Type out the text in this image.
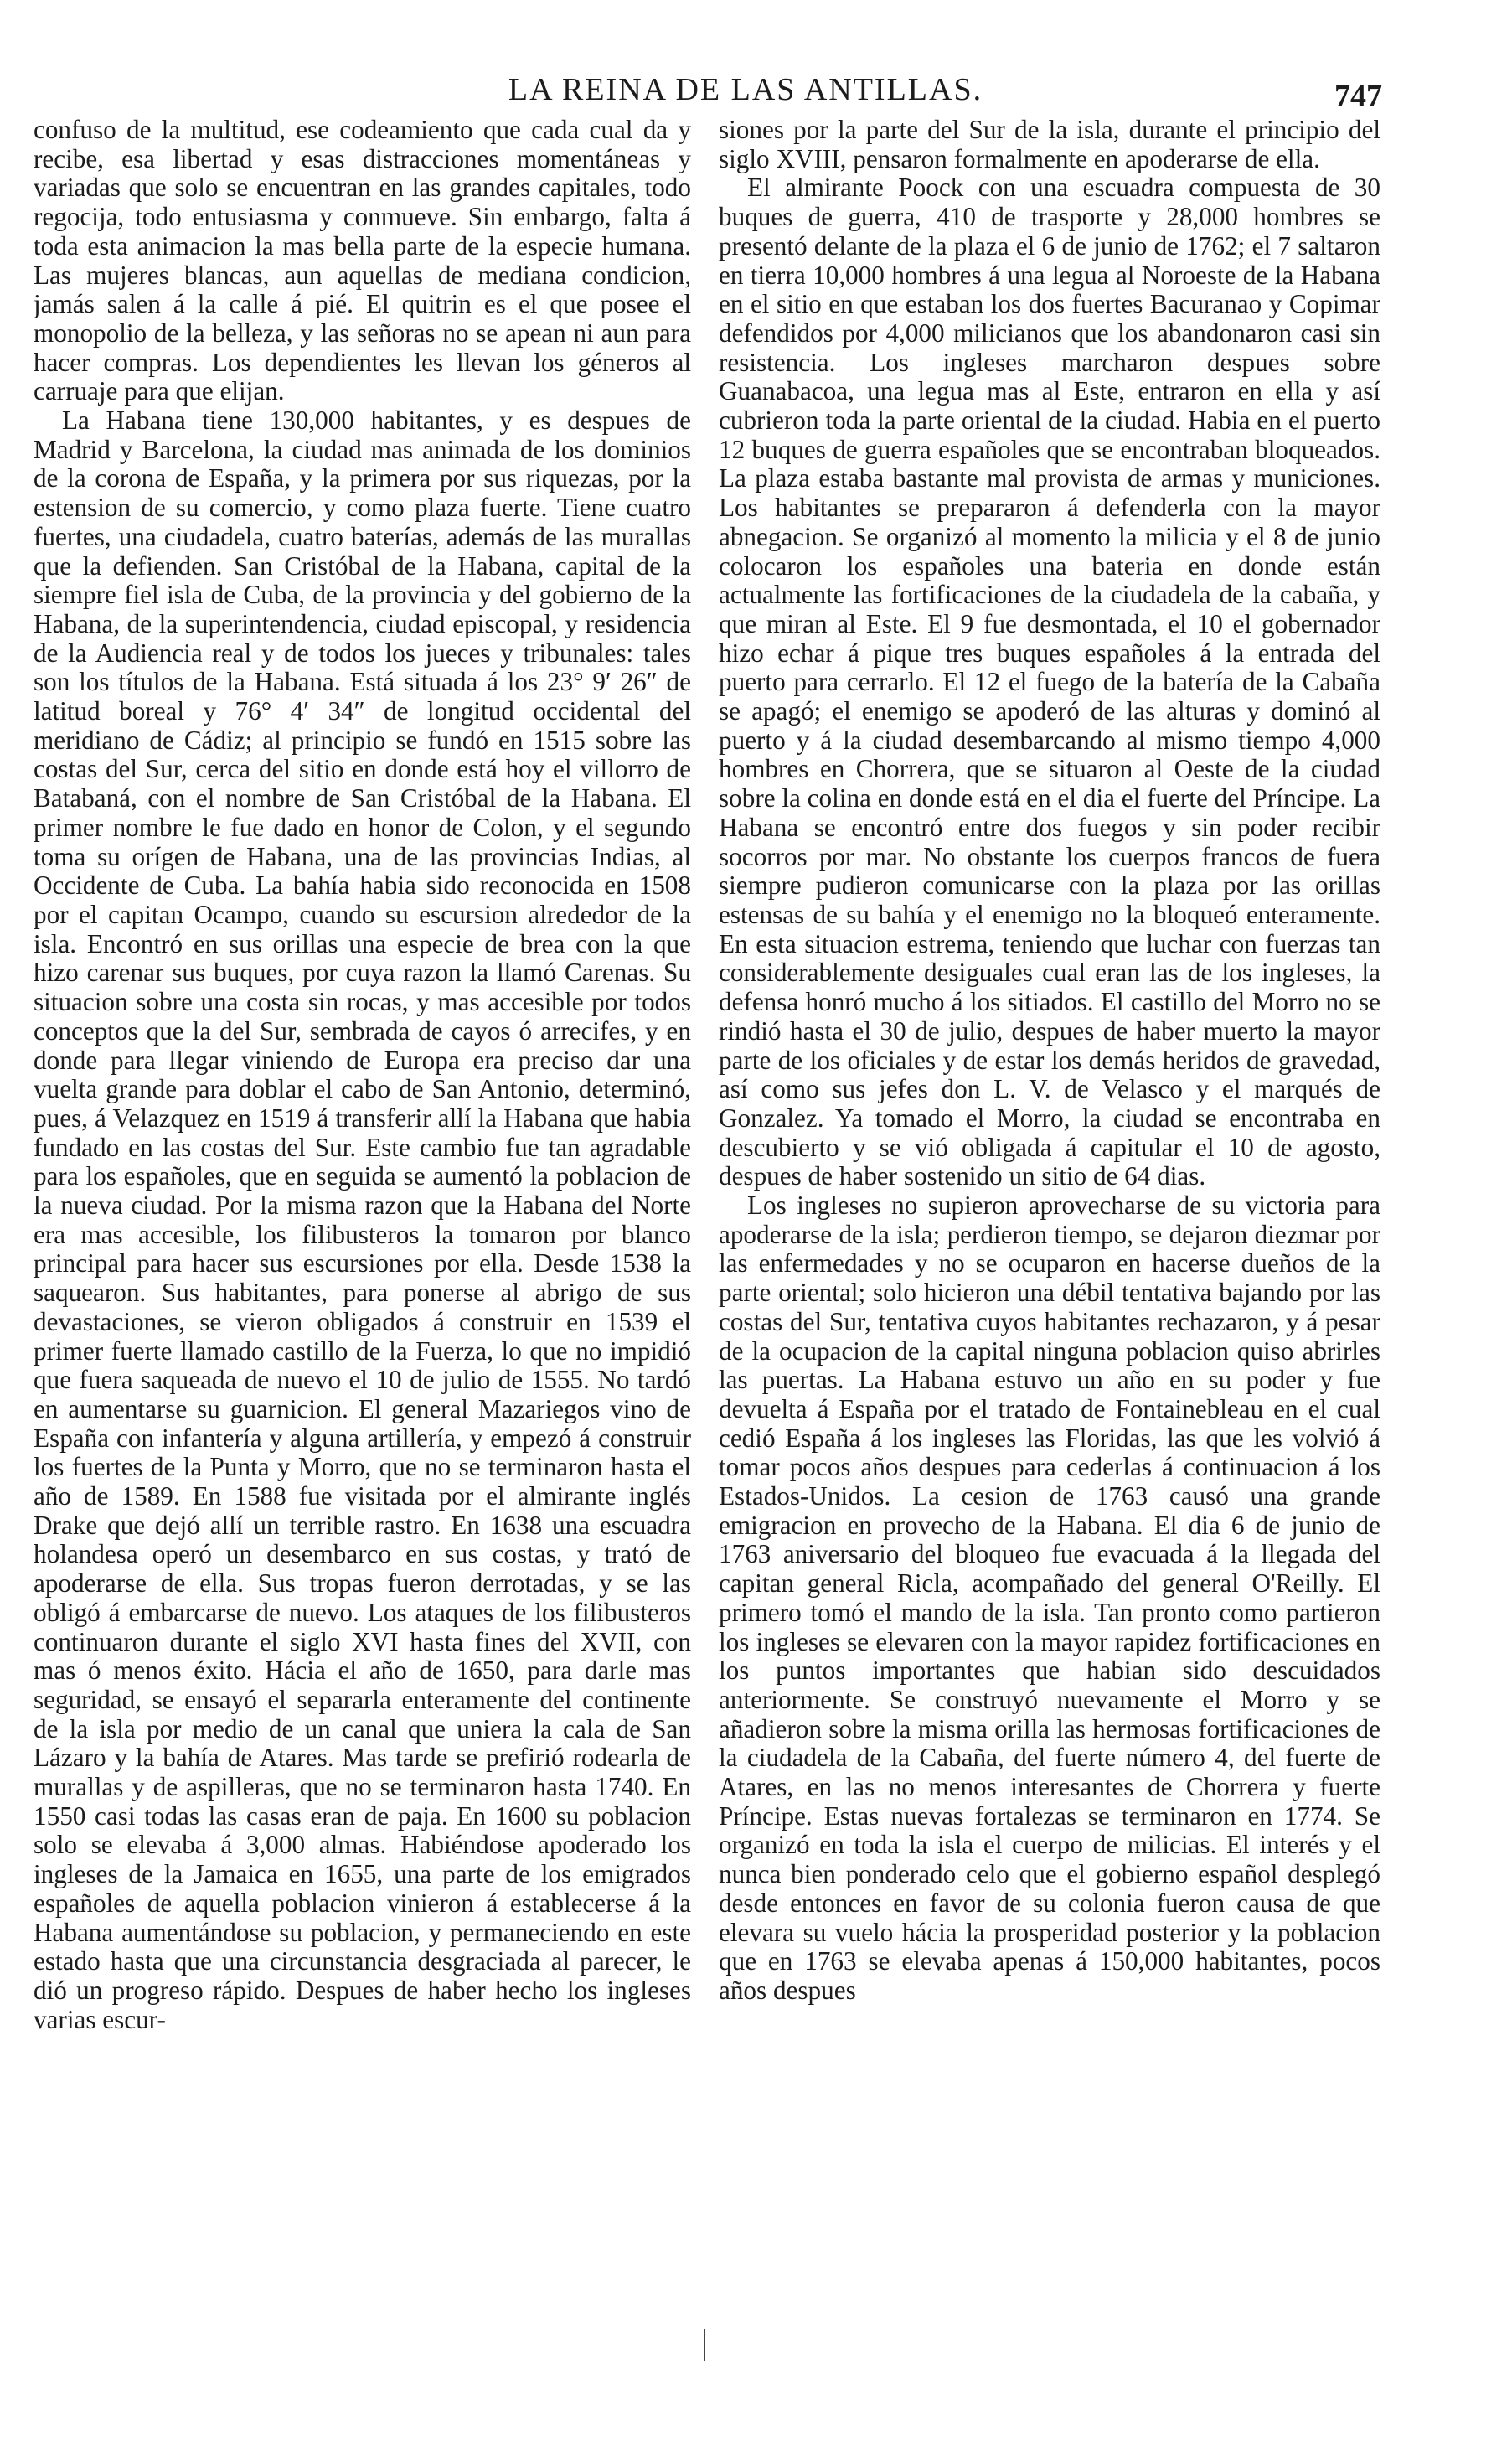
LA REINA DE LAS ANTILLAS.	747

confuso de la multitud, ese codeamiento que cada cual da y recibe, esa libertad y esas distracciones momentáneas y variadas que solo se encuentran en las grandes capitales, todo regocija, todo entusiasma y conmueve. Sin embargo, falta á toda esta animacion la mas bella parte de la especie humana. Las mujeres blancas, aun aquellas de mediana condicion, jamás salen á la calle á pié. El quitrin es el que posee el monopolio de la belleza, y las señoras no se apean ni aun para hacer compras. Los dependientes les llevan los géneros al carruaje para que elijan.

La Habana tiene 130,000 habitantes, y es despues de Madrid y Barcelona, la ciudad mas animada de los dominios de la corona de España, y la primera por sus riquezas, por la estension de su comercio, y como plaza fuerte. Tiene cuatro fuertes, una ciudadela, cuatro baterías, además de las murallas que la defienden. San Cristóbal de la Habana, capital de la siempre fiel isla de Cuba, de la provincia y del gobierno de la Habana, de la superintendencia, ciudad episcopal, y residencia de la Audiencia real y de todos los jueces y tribunales: tales son los títulos de la Habana. Está situada á los 23° 9′ 26″ de latitud boreal y 76° 4′ 34″ de longitud occidental del meridiano de Cádiz; al principio se fundó en 1515 sobre las costas del Sur, cerca del sitio en donde está hoy el villorro de Batabaná, con el nombre de San Cristóbal de la Habana. El primer nombre le fue dado en honor de Colon, y el segundo toma su orígen de Habana, una de las provincias Indias, al Occidente de Cuba. La bahía habia sido reconocida en 1508 por el capitan Ocampo, cuando su escursion alrededor de la isla. Encontró en sus orillas una especie de brea con la que hizo carenar sus buques, por cuya razon la llamó Carenas. Su situacion sobre una costa sin rocas, y mas accesible por todos conceptos que la del Sur, sembrada de cayos ó arrecifes, y en donde para llegar viniendo de Europa era preciso dar una vuelta grande para doblar el cabo de San Antonio, determinó, pues, á Velazquez en 1519 á transferir allí la Habana que habia fundado en las costas del Sur. Este cambio fue tan agradable para los españoles, que en seguida se aumentó la poblacion de la nueva ciudad. Por la misma razon que la Habana del Norte era mas accesible, los filibusteros la tomaron por blanco principal para hacer sus escursiones por ella. Desde 1538 la saquearon. Sus habitantes, para ponerse al abrigo de sus devastaciones, se vieron obligados á construir en 1539 el primer fuerte llamado castillo de la Fuerza, lo que no impidió que fuera saqueada de nuevo el 10 de julio de 1555. No tardó en aumentarse su guarnicion. El general Mazariegos vino de España con infantería y alguna artillería, y empezó á construir los fuertes de la Punta y Morro, que no se terminaron hasta el año de 1589. En 1588 fue visitada por el almirante inglés Drake que dejó allí un terrible rastro. En 1638 una escuadra holandesa operó un desembarco en sus costas, y trató de apoderarse de ella. Sus tropas fueron derrotadas, y se las obligó á embarcarse de nuevo. Los ataques de los filibusteros continuaron durante el siglo XVI hasta fines del XVII, con mas ó menos éxito. Hácia el año de 1650, para darle mas seguridad, se ensayó el separarla enteramente del continente de la isla por medio de un canal que uniera la cala de San Lázaro y la bahía de Atares. Mas tarde se prefirió rodearla de murallas y de aspilleras, que no se terminaron hasta 1740. En 1550 casi todas las casas eran de paja. En 1600 su poblacion solo se elevaba á 3,000 almas. Habiéndose apoderado los ingleses de la Jamaica en 1655, una parte de los emigrados españoles de aquella poblacion vinieron á establecerse á la Habana aumentándose su poblacion, y permaneciendo en este estado hasta que una circunstancia desgraciada al parecer, le dió un progreso rápido. Despues de haber hecho los ingleses varias escur-

siones por la parte del Sur de la isla, durante el principio del siglo XVIII, pensaron formalmente en apoderarse de ella.

El almirante Poock con una escuadra compuesta de 30 buques de guerra, 410 de trasporte y 28,000 hombres se presentó delante de la plaza el 6 de junio de 1762; el 7 saltaron en tierra 10,000 hombres á una legua al Noroeste de la Habana en el sitio en que estaban los dos fuertes Bacuranao y Copimar defendidos por 4,000 milicianos que los abandonaron casi sin resistencia. Los ingleses marcharon despues sobre Guanabacoa, una legua mas al Este, entraron en ella y así cubrieron toda la parte oriental de la ciudad. Habia en el puerto 12 buques de guerra españoles que se encontraban bloqueados. La plaza estaba bastante mal provista de armas y municiones. Los habitantes se prepararon á defenderla con la mayor abnegacion. Se organizó al momento la milicia y el 8 de junio colocaron los españoles una bateria en donde están actualmente las fortificaciones de la ciudadela de la cabaña, y que miran al Este. El 9 fue desmontada, el 10 el gobernador hizo echar á pique tres buques españoles á la entrada del puerto para cerrarlo. El 12 el fuego de la batería de la Cabaña se apagó; el enemigo se apoderó de las alturas y dominó al puerto y á la ciudad desembarcando al mismo tiempo 4,000 hombres en Chorrera, que se situaron al Oeste de la ciudad sobre la colina en donde está en el dia el fuerte del Príncipe. La Habana se encontró entre dos fuegos y sin poder recibir socorros por mar. No obstante los cuerpos francos de fuera siempre pudieron comunicarse con la plaza por las orillas estensas de su bahía y el enemigo no la bloqueó enteramente. En esta situacion estrema, teniendo que luchar con fuerzas tan considerablemente desiguales cual eran las de los ingleses, la defensa honró mucho á los sitiados. El castillo del Morro no se rindió hasta el 30 de julio, despues de haber muerto la mayor parte de los oficiales y de estar los demás heridos de gravedad, así como sus jefes don L. V. de Velasco y el marqués de Gonzalez. Ya tomado el Morro, la ciudad se encontraba en descubierto y se vió obligada á capitular el 10 de agosto, despues de haber sostenido un sitio de 64 dias.

Los ingleses no supieron aprovecharse de su victoria para apoderarse de la isla; perdieron tiempo, se dejaron diezmar por las enfermedades y no se ocuparon en hacerse dueños de la parte oriental; solo hicieron una débil tentativa bajando por las costas del Sur, tentativa cuyos habitantes rechazaron, y á pesar de la ocupacion de la capital ninguna poblacion quiso abrirles las puertas. La Habana estuvo un año en su poder y fue devuelta á España por el tratado de Fontainebleau en el cual cedió España á los ingleses las Floridas, las que les volvió á tomar pocos años despues para cederlas á continuacion á los Estados-Unidos. La cesion de 1763 causó una grande emigracion en provecho de la Habana. El dia 6 de junio de 1763 aniversario del bloqueo fue evacuada á la llegada del capitan general Ricla, acompañado del general O'Reilly. El primero tomó el mando de la isla. Tan pronto como partieron los ingleses se elevaren con la mayor rapidez fortificaciones en los puntos importantes que habian sido descuidados anteriormente. Se construyó nuevamente el Morro y se añadieron sobre la misma orilla las hermosas fortificaciones de la ciudadela de la Cabaña, del fuerte número 4, del fuerte de Atares, en las no menos interesantes de Chorrera y fuerte Príncipe. Estas nuevas fortalezas se terminaron en 1774. Se organizó en toda la isla el cuerpo de milicias. El interés y el nunca bien ponderado celo que el gobierno español desplegó desde entonces en favor de su colonia fueron causa de que elevara su vuelo hácia la prosperidad posterior y la poblacion que en 1763 se elevaba apenas á 150,000 habitantes, pocos años despues
